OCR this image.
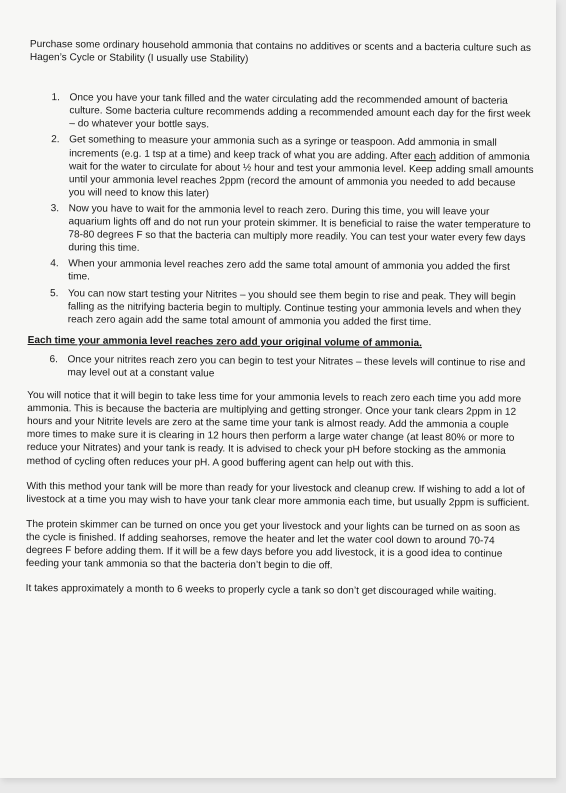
Purchase some ordinary household ammonia that contains no additives or scents and a bacteria culture such as Hagen’s Cycle or Stability (I usually use Stability)

1. Once you have your tank filled and the water circulating add the recommended amount of bacteria culture. Some bacteria culture recommends adding a recommended amount each day for the first week – do whatever your bottle says.
2. Get something to measure your ammonia such as a syringe or teaspoon. Add ammonia in small increments (e.g. 1 tsp at a time) and keep track of what you are adding. After each addition of ammonia wait for the water to circulate for about ½ hour and test your ammonia level. Keep adding small amounts until your ammonia level reaches 2ppm (record the amount of ammonia you needed to add because you will need to know this later)
3. Now you have to wait for the ammonia level to reach zero. During this time, you will leave your aquarium lights off and do not run your protein skimmer. It is beneficial to raise the water temperature to 78-80 degrees F so that the bacteria can multiply more readily. You can test your water every few days during this time.
4. When your ammonia level reaches zero add the same total amount of ammonia you added the first time.
5. You can now start testing your Nitrites – you should see them begin to rise and peak. They will begin falling as the nitrifying bacteria begin to multiply. Continue testing your ammonia levels and when they reach zero again add the same total amount of ammonia you added the first time.

Each time your ammonia level reaches zero add your original volume of ammonia.

6. Once your nitrites reach zero you can begin to test your Nitrates – these levels will continue to rise and may level out at a constant value

You will notice that it will begin to take less time for your ammonia levels to reach zero each time you add more ammonia. This is because the bacteria are multiplying and getting stronger. Once your tank clears 2ppm in 12 hours and your Nitrite levels are zero at the same time your tank is almost ready. Add the ammonia a couple more times to make sure it is clearing in 12 hours then perform a large water change (at least 80% or more to reduce your Nitrates) and your tank is ready. It is advised to check your pH before stocking as the ammonia method of cycling often reduces your pH. A good buffering agent can help out with this.

With this method your tank will be more than ready for your livestock and cleanup crew. If wishing to add a lot of livestock at a time you may wish to have your tank clear more ammonia each time, but usually 2ppm is sufficient.

The protein skimmer can be turned on once you get your livestock and your lights can be turned on as soon as the cycle is finished. If adding seahorses, remove the heater and let the water cool down to around 70-74 degrees F before adding them. If it will be a few days before you add livestock, it is a good idea to continue feeding your tank ammonia so that the bacteria don’t begin to die off.

It takes approximately a month to 6 weeks to properly cycle a tank so don’t get discouraged while waiting.
